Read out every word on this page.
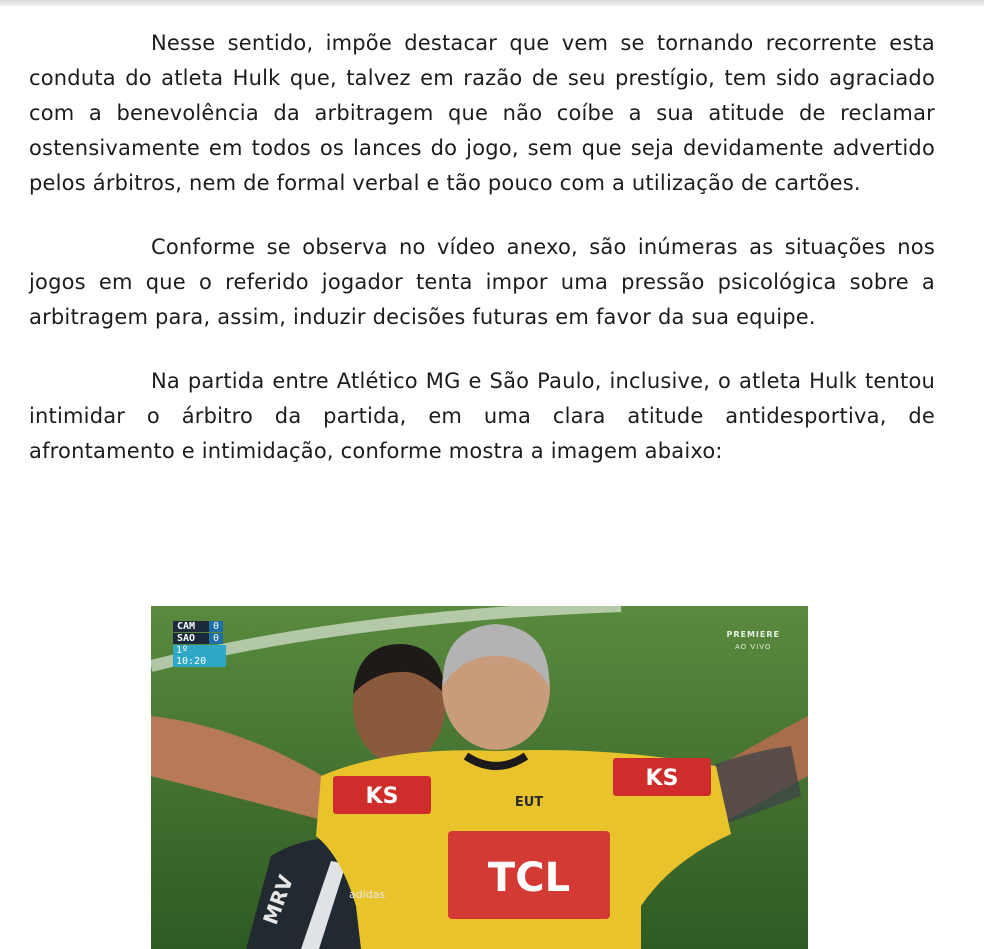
Nesse sentido, impõe destacar que vem se tornando recorrente esta conduta do atleta Hulk que, talvez em razão de seu prestígio, tem sido agraciado com a benevolência da arbitragem que não coíbe a sua atitude de reclamar ostensivamente em todos os lances do jogo, sem que seja devidamente advertido pelos árbitros, nem de formal verbal e tão pouco com a utilização de cartões.

Conforme se observa no vídeo anexo, são inúmeras as situações nos jogos em que o referido jogador tenta impor uma pressão psicológica sobre a arbitragem para, assim, induzir decisões futuras em favor da sua equipe.

Na partida entre Atlético MG e São Paulo, inclusive, o atleta Hulk tentou intimidar o árbitro da partida, em uma clara atitude antidesportiva, de afrontamento e intimidação, conforme mostra a imagem abaixo:

KS
KS
EUT
TCL
MRV	adidas
CAM	0
SAO	0
1º 10:20
PREMIERE
AO VIVO
